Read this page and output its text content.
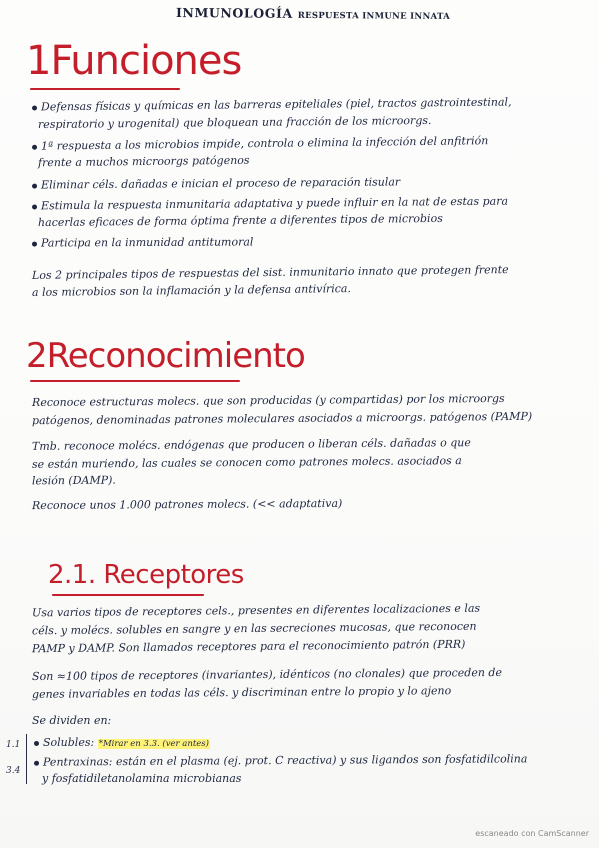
INMUNOLOGÍA RESPUESTA INMUNE INNATA
1Funciones
Defensas físicas y químicas en las barreras epiteliales (piel, tractos gastrointestinal,
respiratorio y urogenital) que bloquean una fracción de los microorgs.
1ª respuesta a los microbios impide, controla o elimina la infección del anfitrión
frente a muchos microorgs patógenos
Eliminar céls. dañadas e inician el proceso de reparación tisular
Estimula la respuesta inmunitaria adaptativa y puede influir en la nat de estas para
hacerlas eficaces de forma óptima frente a diferentes tipos de microbios
Participa en la inmunidad antitumoral
Los 2 principales tipos de respuestas del sist. inmunitario innato que protegen frente
a los microbios son la inflamación y la defensa antivírica.
2Reconocimiento
Reconoce estructuras molecs. que son producidas (y compartidas) por los microorgs
patógenos, denominadas patrones moleculares asociados a microorgs. patógenos (PAMP)
Tmb. reconoce molécs. endógenas que producen o liberan céls. dañadas o que
se están muriendo, las cuales se conocen como patrones molecs. asociados a
lesión (DAMP).
Reconoce unos 1.000 patrones molecs. (<< adaptativa)
2.1. Receptores
Usa varios tipos de receptores cels., presentes en diferentes localizaciones e las
céls. y molécs. solubles en sangre y en las secreciones mucosas, que reconocen
PAMP y DAMP. Son llamados receptores para el reconocimiento patrón (PRR)
Son ≈100 tipos de receptores (invariantes), idénticos (no clonales) que proceden de
genes invariables en todas las céls. y discriminan entre lo propio y lo ajeno
Se dividen en:
1.1
3.4
Solubles: *Mirar en 3.3. (ver antes)
Pentraxinas: están en el plasma (ej. prot. C reactiva) y sus ligandos son fosfatidilcolina
y fosfatidiletanolamina microbianas
escaneado con CamScanner
